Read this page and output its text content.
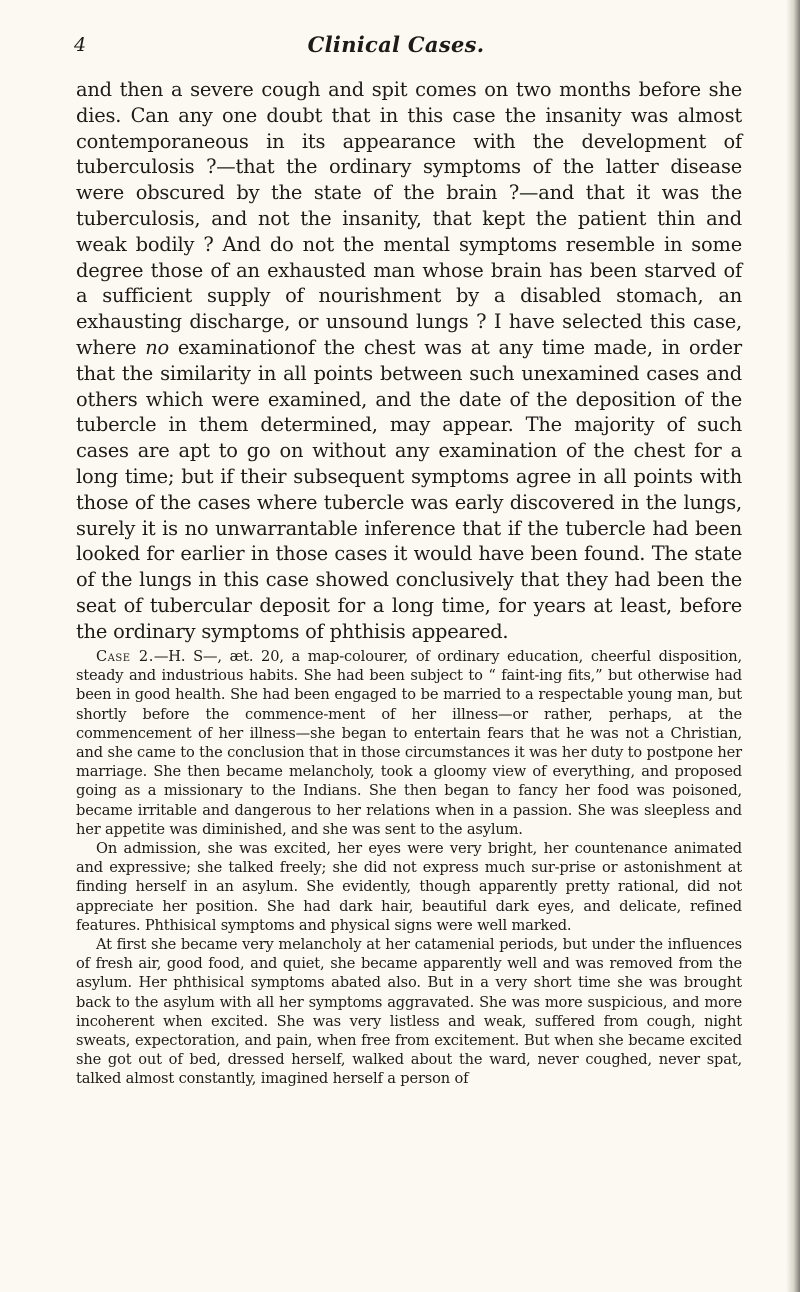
4	Clinical Cases.

and then a severe cough and spit comes on two months before she dies. Can any one doubt that in this case the insanity was almost contemporaneous in its appearance with the development of tuberculosis ?—that the ordinary symptoms of the latter disease were obscured by the state of the brain ?—and that it was the tuberculosis, and not the insanity, that kept the patient thin and weak bodily ? And do not the mental symptoms resemble in some degree those of an exhausted man whose brain has been starved of a sufficient supply of nourishment by a disabled stomach, an exhausting discharge, or unsound lungs ? I have selected this case, where no examinationof the chest was at any time made, in order that the similarity in all points between such unexamined cases and others which were examined, and the date of the deposition of the tubercle in them determined, may appear. The majority of such cases are apt to go on without any examination of the chest for a long time; but if their subsequent symptoms agree in all points with those of the cases where tubercle was early discovered in the lungs, surely it is no unwarrantable inference that if the tubercle had been looked for earlier in those cases it would have been found. The state of the lungs in this case showed conclusively that they had been the seat of tubercular deposit for a long time, for years at least, before the ordinary symptoms of phthisis appeared.

Case 2.—H. S—, æt. 20, a map-colourer, of ordinary education, cheerful disposition, steady and industrious habits. She had been subject to “ faint-ing fits,” but otherwise had been in good health. She had been engaged to be married to a respectable young man, but shortly before the commence-ment of her illness—or rather, perhaps, at the commencement of her illness—she began to entertain fears that he was not a Christian, and she came to the conclusion that in those circumstances it was her duty to postpone her marriage. She then became melancholy, took a gloomy view of everything, and proposed going as a missionary to the Indians. She then began to fancy her food was poisoned, became irritable and dangerous to her relations when in a passion. She was sleepless and her appetite was diminished, and she was sent to the asylum.

On admission, she was excited, her eyes were very bright, her countenance animated and expressive; she talked freely; she did not express much sur-prise or astonishment at finding herself in an asylum. She evidently, though apparently pretty rational, did not appreciate her position. She had dark hair, beautiful dark eyes, and delicate, refined features. Phthisical symptoms and physical signs were well marked.

At first she became very melancholy at her catamenial periods, but under the influences of fresh air, good food, and quiet, she became apparently well and was removed from the asylum. Her phthisical symptoms abated also. But in a very short time she was brought back to the asylum with all her symptoms aggravated. She was more suspicious, and more incoherent when excited. She was very listless and weak, suffered from cough, night sweats, expectoration, and pain, when free from excitement. But when she became excited she got out of bed, dressed herself, walked about the ward, never coughed, never spat, talked almost constantly, imagined herself a person of
